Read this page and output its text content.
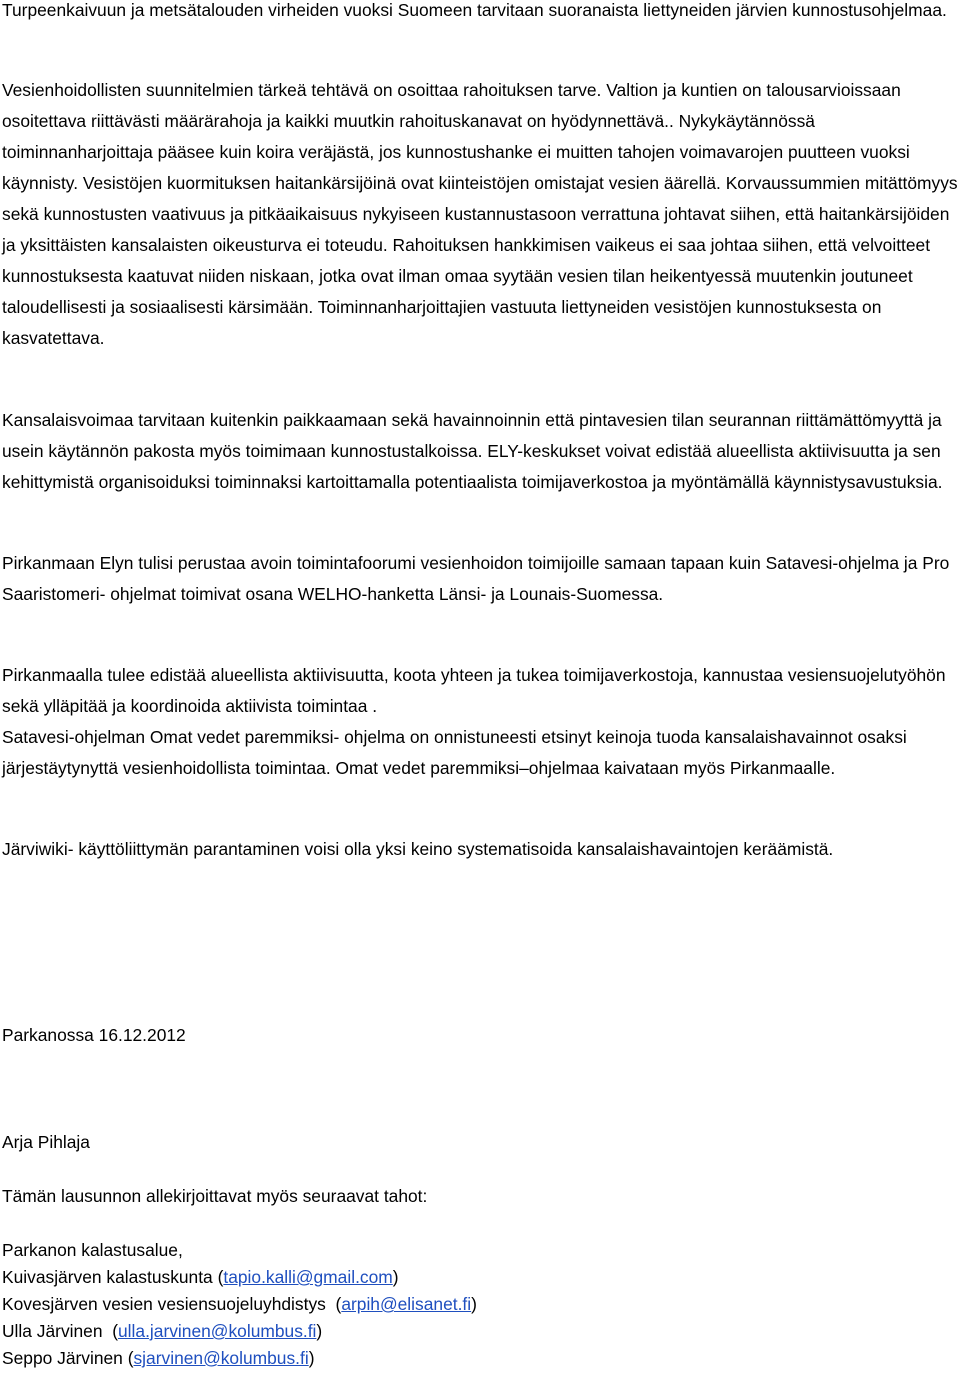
Turpeenkaivuun ja metsätalouden virheiden vuoksi Suomeen tarvitaan suoranaista liettyneiden järvien kunnostusohjelmaa.

Vesienhoidollisten suunnitelmien tärkeä tehtävä on osoittaa rahoituksen tarve. Valtion ja kuntien on talousarvioissaan osoitettava riittävästi määrärahoja ja kaikki muutkin rahoituskanavat on hyödynnettävä.. Nykykäytännössä toiminnanharjoittaja pääsee kuin koira veräjästä, jos kunnostushanke ei muitten tahojen voimavarojen puutteen vuoksi käynnisty. Vesistöjen kuormituksen haitankärsijöinä ovat kiinteistöjen omistajat vesien äärellä. Korvaussummien mitättömyys sekä kunnostusten vaativuus ja pitkäaikaisuus nykyiseen kustannustasoon verrattuna johtavat siihen, että haitankärsijöiden ja yksittäisten kansalaisten oikeusturva ei toteudu. Rahoituksen hankkimisen vaikeus ei saa johtaa siihen, että velvoitteet kunnostuksesta kaatuvat niiden niskaan, jotka ovat ilman omaa syytään vesien tilan heikentyessä muutenkin joutuneet taloudellisesti ja sosiaalisesti kärsimään. Toiminnanharjoittajien vastuuta liettyneiden vesistöjen kunnostuksesta on kasvatettava.

Kansalaisvoimaa tarvitaan kuitenkin paikkaamaan sekä havainnoinnin että pintavesien tilan seurannan riittämättömyyttä ja usein käytännön pakosta myös toimimaan kunnostustalkoissa. ELY-keskukset voivat edistää alueellista aktiivisuutta ja sen kehittymistä organisoiduksi toiminnaksi kartoittamalla potentiaalista toimijaverkostoa ja myöntämällä käynnistysavustuksia.

Pirkanmaan Elyn tulisi perustaa avoin toimintafoorumi vesienhoidon toimijoille samaan tapaan kuin Satavesi-ohjelma ja Pro Saaristomeri- ohjelmat toimivat osana WELHO-hanketta Länsi- ja Lounais-Suomessa.

Pirkanmaalla tulee edistää alueellista aktiivisuutta, koota yhteen ja tukea toimijaverkostoja, kannustaa vesiensuojelutyöhön sekä ylläpitää ja koordinoida aktiivista toimintaa .

Satavesi-ohjelman Omat vedet paremmiksi- ohjelma on onnistuneesti etsinyt keinoja tuoda kansalaishavainnot osaksi järjestäytynyttä vesienhoidollista toimintaa. Omat vedet paremmiksi–ohjelmaa kaivataan myös Pirkanmaalle.

Järviwiki- käyttöliittymän parantaminen voisi olla yksi keino systematisoida kansalaishavaintojen keräämistä.

Parkanossa 16.12.2012

Arja Pihlaja

Tämän lausunnon allekirjoittavat myös seuraavat tahot:

Parkanon kalastusalue,

Kuivasjärven kalastuskunta (tapio.kalli@gmail.com)

Kovesjärven vesien vesiensuojeluyhdistys  (arpih@elisanet.fi)

Ulla Järvinen  (ulla.jarvinen@kolumbus.fi)

Seppo Järvinen (sjarvinen@kolumbus.fi)
